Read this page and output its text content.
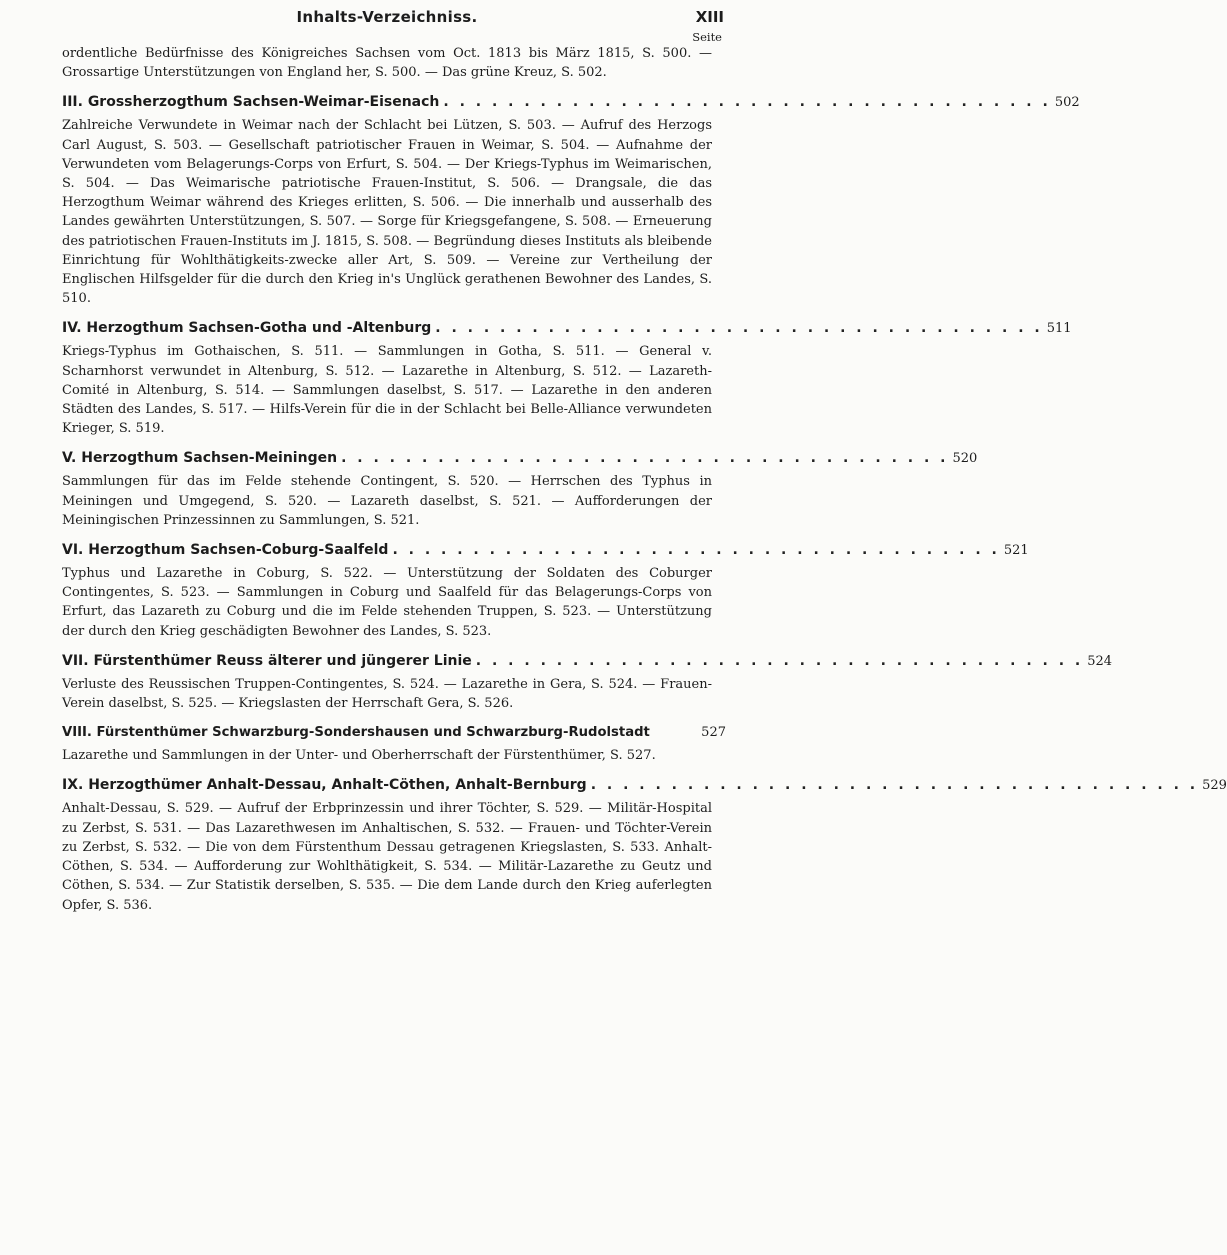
Inhalts-Verzeichniss.	XIII
Seite

ordentliche Bedürfnisse des Königreiches Sachsen vom Oct. 1813 bis März 1815, S. 500. — Grossartige Unterstützungen von England her, S. 500. — Das grüne Kreuz, S. 502.

III. Grossherzogthum Sachsen-Weimar-Eisenach . . . . . . . . . . . . . . . . . . . . . . . . . . . . . . . . . . . . . . 502

Zahlreiche Verwundete in Weimar nach der Schlacht bei Lützen, S. 503. — Aufruf des Herzogs Carl August, S. 503. — Gesellschaft patriotischer Frauen in Weimar, S. 504. — Aufnahme der Verwundeten vom Belagerungs-Corps von Erfurt, S. 504. — Der Kriegs-Typhus im Weimarischen, S. 504. — Das Weimarische patriotische Frauen-Institut, S. 506. — Drangsale, die das Herzogthum Weimar während des Krieges erlitten, S. 506. — Die innerhalb und ausserhalb des Landes gewährten Unterstützungen, S. 507. — Sorge für Kriegsgefangene, S. 508. — Erneuerung des patriotischen Frauen-Instituts im J. 1815, S. 508. — Begründung dieses Instituts als bleibende Einrichtung für Wohlthätigkeits-zwecke aller Art, S. 509. — Vereine zur Vertheilung der Englischen Hilfsgelder für die durch den Krieg in's Unglück gerathenen Bewohner des Landes, S. 510.

IV. Herzogthum Sachsen-Gotha und -Altenburg . . . . . . . . . . . . . . . . . . . . . . . . . . . . . . . . . . . . . . 511

Kriegs-Typhus im Gothaischen, S. 511. — Sammlungen in Gotha, S. 511. — General v. Scharnhorst verwundet in Altenburg, S. 512. — Lazarethe in Altenburg, S. 512. — Lazareth-Comité in Altenburg, S. 514. — Sammlungen daselbst, S. 517. — Lazarethe in den anderen Städten des Landes, S. 517. — Hilfs-Verein für die in der Schlacht bei Belle-Alliance verwundeten Krieger, S. 519.

V. Herzogthum Sachsen-Meiningen . . . . . . . . . . . . . . . . . . . . . . . . . . . . . . . . . . . . . . 520

Sammlungen für das im Felde stehende Contingent, S. 520. — Herrschen des Typhus in Meiningen und Umgegend, S. 520. — Lazareth daselbst, S. 521. — Aufforderungen der Meiningischen Prinzessinnen zu Sammlungen, S. 521.

VI. Herzogthum Sachsen-Coburg-Saalfeld . . . . . . . . . . . . . . . . . . . . . . . . . . . . . . . . . . . . . . 521

Typhus und Lazarethe in Coburg, S. 522. — Unterstützung der Soldaten des Coburger Contingentes, S. 523. — Sammlungen in Coburg und Saalfeld für das Belagerungs-Corps von Erfurt, das Lazareth zu Coburg und die im Felde stehenden Truppen, S. 523. — Unterstützung der durch den Krieg geschädigten Bewohner des Landes, S. 523.

VII. Fürstenthümer Reuss älterer und jüngerer Linie . . . . . . . . . . . . . . . . . . . . . . . . . . . . . . . . . . . . . . 524

Verluste des Reussischen Truppen-Contingentes, S. 524. — Lazarethe in Gera, S. 524. — Frauen-Verein daselbst, S. 525. — Kriegslasten der Herrschaft Gera, S. 526.

VIII. Fürstenthümer Schwarzburg-Sondershausen und Schwarzburg-Rudolstadt	527

Lazarethe und Sammlungen in der Unter- und Oberherrschaft der Fürstenthümer, S. 527.

IX. Herzogthümer Anhalt-Dessau, Anhalt-Cöthen, Anhalt-Bernburg . . . . . . . . . . . . . . . . . . . . . . . . . . . . . . . . . . . . . . 529

Anhalt-Dessau, S. 529. — Aufruf der Erbprinzessin und ihrer Töchter, S. 529. — Militär-Hospital zu Zerbst, S. 531. — Das Lazarethwesen im Anhaltischen, S. 532. — Frauen- und Töchter-Verein zu Zerbst, S. 532. — Die von dem Fürstenthum Dessau getragenen Kriegslasten, S. 533. Anhalt-Cöthen, S. 534. — Aufforderung zur Wohlthätigkeit, S. 534. — Militär-Lazarethe zu Geutz und Cöthen, S. 534. — Zur Statistik derselben, S. 535. — Die dem Lande durch den Krieg auferlegten Opfer, S. 536.
